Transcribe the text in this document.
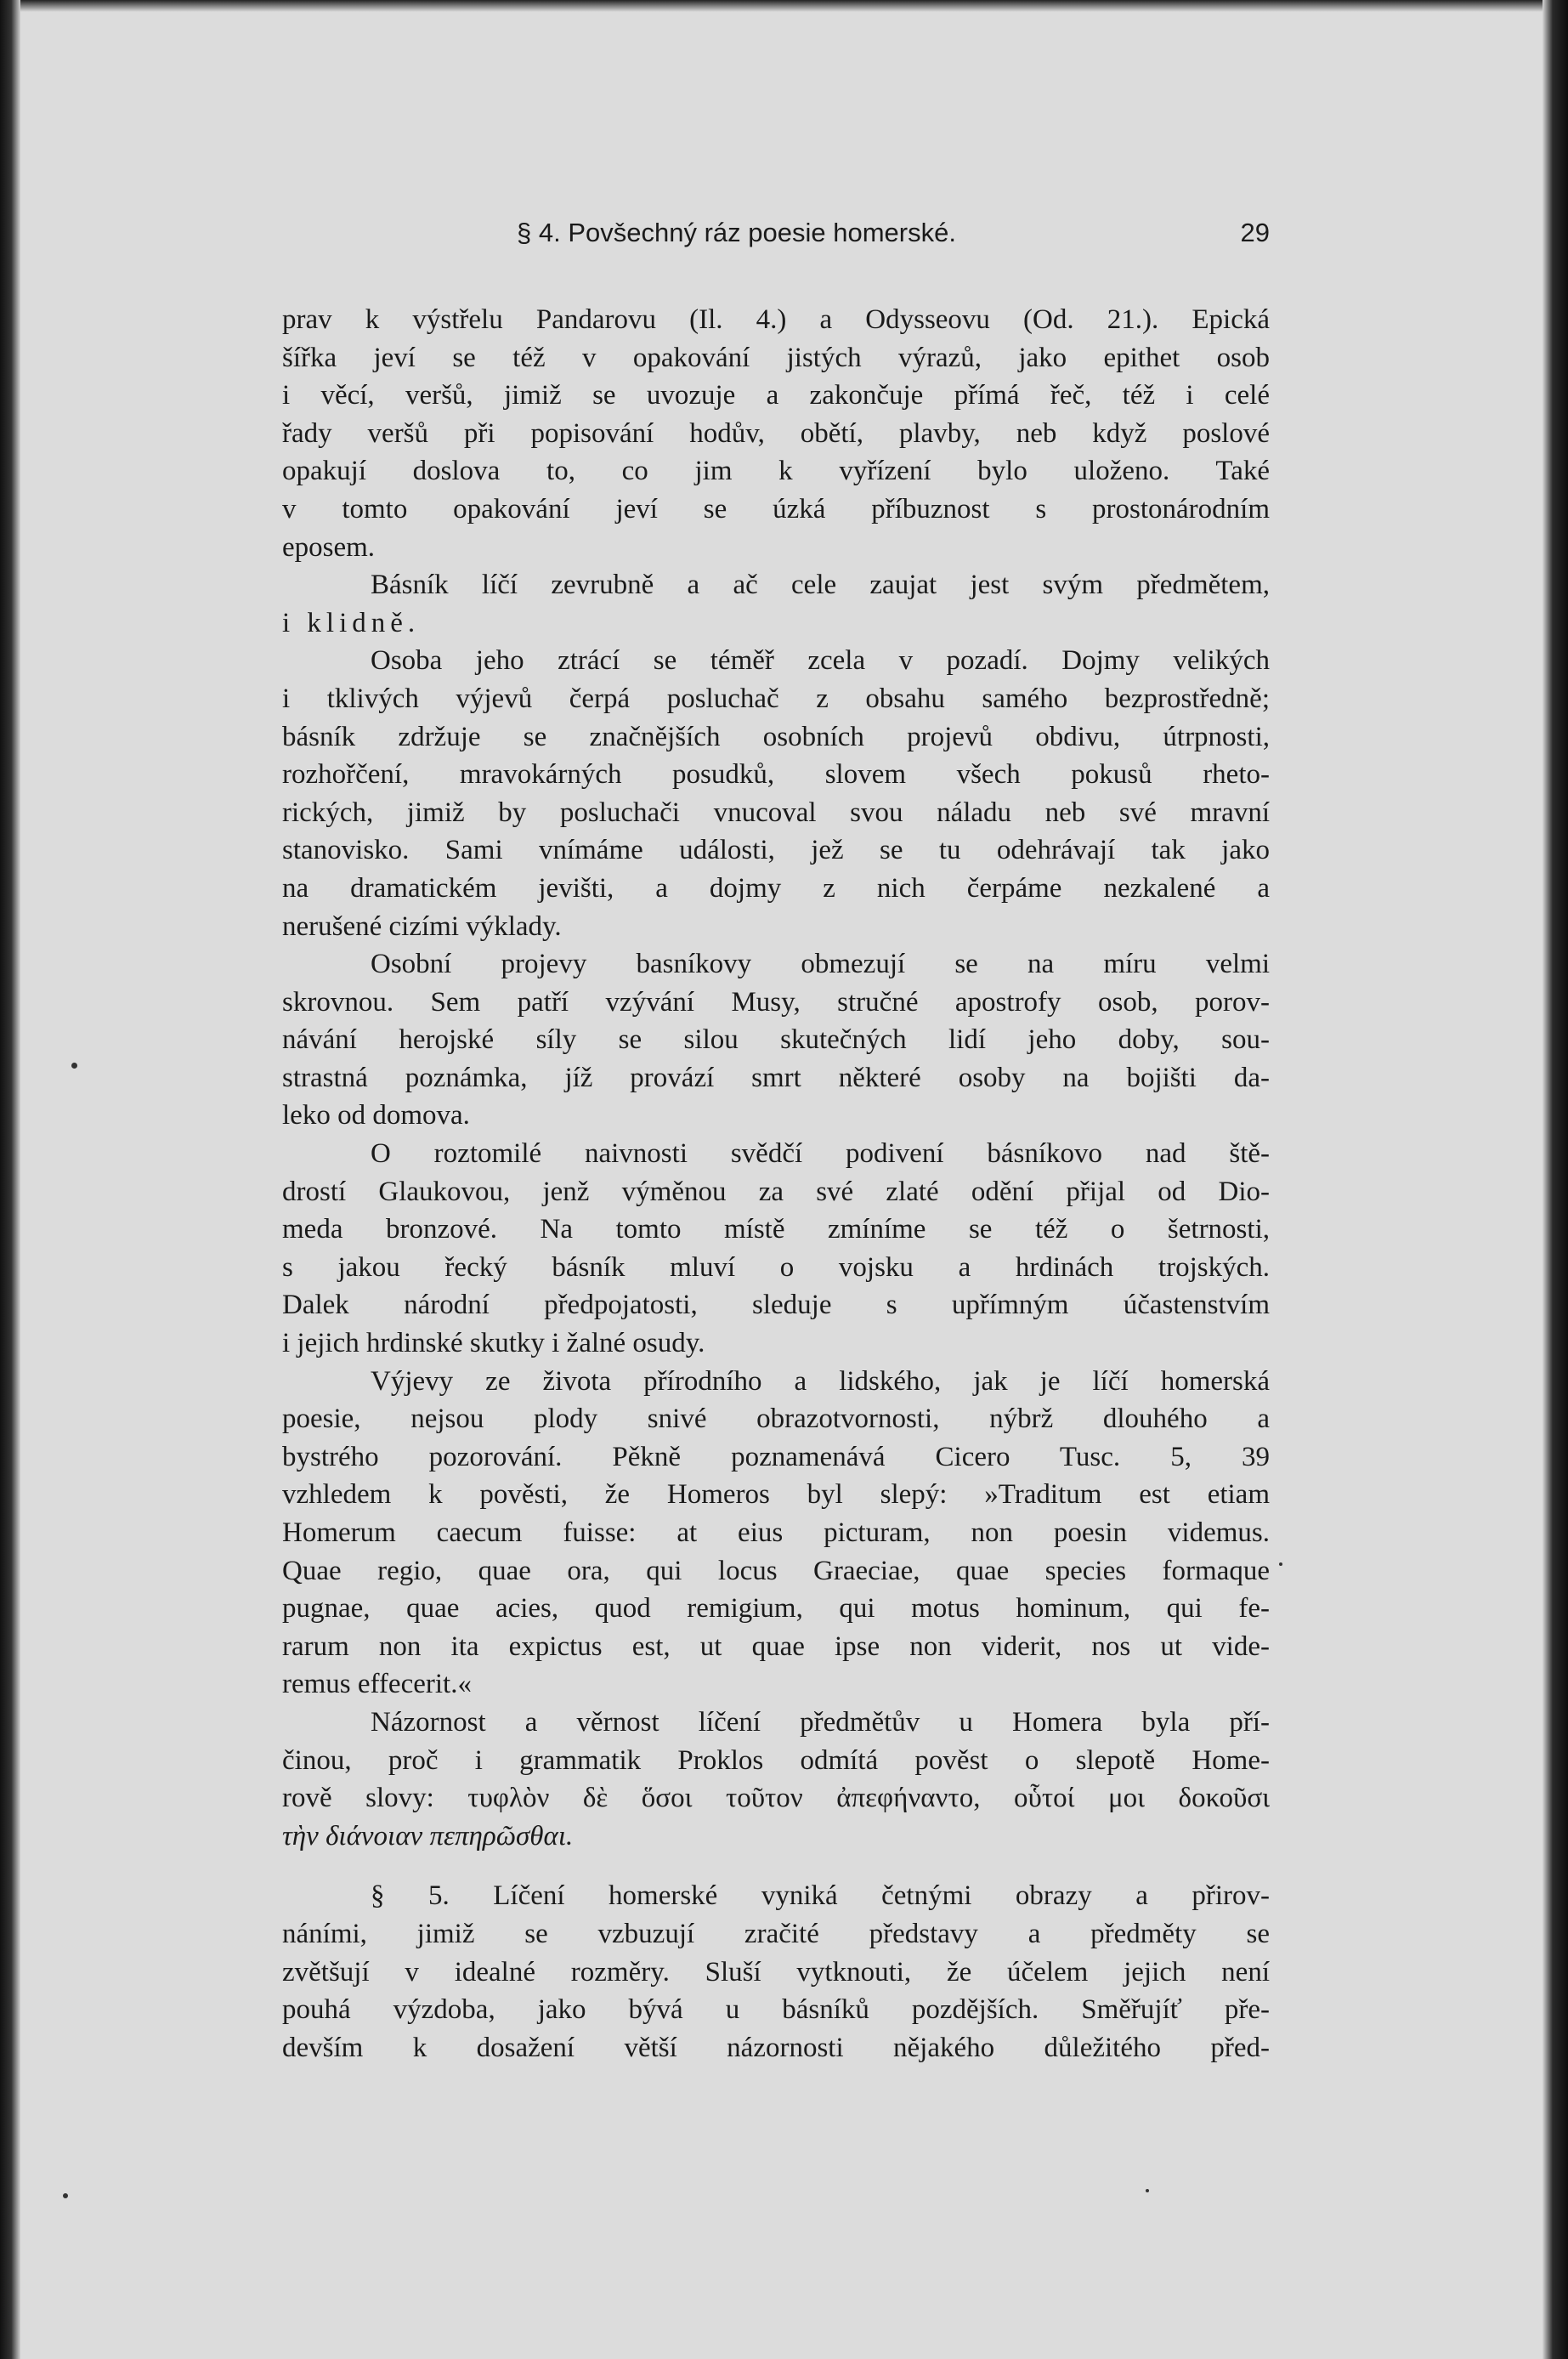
§ 4. Povšechný ráz poesie homerské.	29
prav k výstřelu Pandarovu (Il. 4.) a Odysseovu (Od. 21.). Epická
šířka jeví se též v opakování jistých výrazů, jako epithet osob
i věcí, veršů, jimiž se uvozuje a zakončuje přímá řeč, též i celé
řady veršů při popisování hodův, obětí, plavby, neb když poslové
opakují doslova to, co jim k vyřízení bylo uloženo. Také
v tomto opakování jeví se úzká příbuznost s prostonárodním
eposem.
Básník líčí zevrubně a ač cele zaujat jest svým předmětem,
i klidně.
Osoba jeho ztrácí se téměř zcela v pozadí. Dojmy velikých
i tklivých výjevů čerpá posluchač z obsahu samého bezprostředně;
básník zdržuje se značnějších osobních projevů obdivu, útrpnosti,
rozhořčení, mravokárných posudků, slovem všech pokusů rheto-
rických, jimiž by posluchači vnucoval svou náladu neb své mravní
stanovisko. Sami vnímáme události, jež se tu odehrávají tak jako
na dramatickém jevišti, a dojmy z nich čerpáme nezkalené a
nerušené cizími výklady.
Osobní projevy basníkovy obmezují se na míru velmi
skrovnou. Sem patří vzývání Musy, stručné apostrofy osob, porov-
návání herojské síly se silou skutečných lidí jeho doby, sou-
strastná poznámka, jíž provází smrt některé osoby na bojišti da-
leko od domova.
O roztomilé naivnosti svědčí podivení básníkovo nad ště-
drostí Glaukovou, jenž výměnou za své zlaté odění přijal od Dio-
meda bronzové. Na tomto místě zmíníme se též o šetrnosti,
s jakou řecký básník mluví o vojsku a hrdinách trojských.
Dalek národní předpojatosti, sleduje s upřímným účastenstvím
i jejich hrdinské skutky i žalné osudy.
Výjevy ze života přírodního a lidského, jak je líčí homerská
poesie, nejsou plody snivé obrazotvornosti, nýbrž dlouhého a
bystrého pozorování. Pěkně poznamenává Cicero Tusc. 5, 39
vzhledem k pověsti, že Homeros byl slepý: »Traditum est etiam
Homerum caecum fuisse: at eius picturam, non poesin videmus.
Quae regio, quae ora, qui locus Graeciae, quae species formaque
pugnae, quae acies, quod remigium, qui motus hominum, qui fe-
rarum non ita expictus est, ut quae ipse non viderit, nos ut vide-
remus effecerit.«
Názornost a věrnost líčení předmětův u Homera byla pří-
činou, proč i grammatik Proklos odmítá pověst o slepotě Home-
rově slovy: τυφλὸν δὲ ὅσοι τοῦτον ἀπεφήναντο, οὗτοί μοι δοκοῦσι
τὴν διάνοιαν πεπηρῶσθαι.
§ 5. Líčení homerské vyniká četnými obrazy a přirov-
náními, jimiž se vzbuzují zračité představy a předměty se
zvětšují v idealné rozměry. Sluší vytknouti, že účelem jejich není
pouhá výzdoba, jako bývá u básníků pozdějších. Směřujíť pře-
devším k dosažení větší názornosti nějakého důležitého před-
